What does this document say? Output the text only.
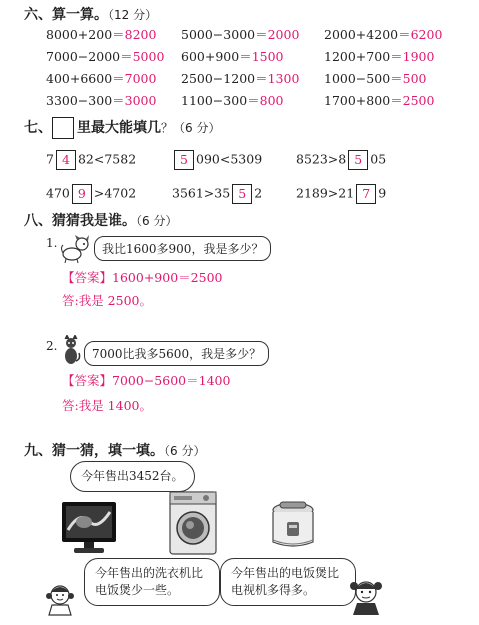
六、算一算。（12 分）
8000+200＝8200 5000−3000＝2000 2000+4200＝6200
7000−2000＝5000 600+900＝1500	1200+700＝1900
400+6600＝7000 2500−1200＝1300 1000−500＝500
3300−300＝3000 1100−300＝800	1700+800＝2500
七、 里最大能填几？（6 分）
7 4 82<7582	5 090<5309	8523>8 5 05
470 9 >4702	3561>35 5 2	2189>21 7 9
八、猜猜我是谁。（6 分）
1.	我比1600多900，我是多少？
【答案】1600+900＝2500
答:我是 2500。
2.
7000比我多5600，我是多少？
【答案】7000−5600＝1400
答:我是 1400。
九、猜一猜，填一填。（6 分）
今年售出3452台。
今年售出的洗衣机比电饭煲少一些。
今年售出的电饭煲比电视机多得多。
